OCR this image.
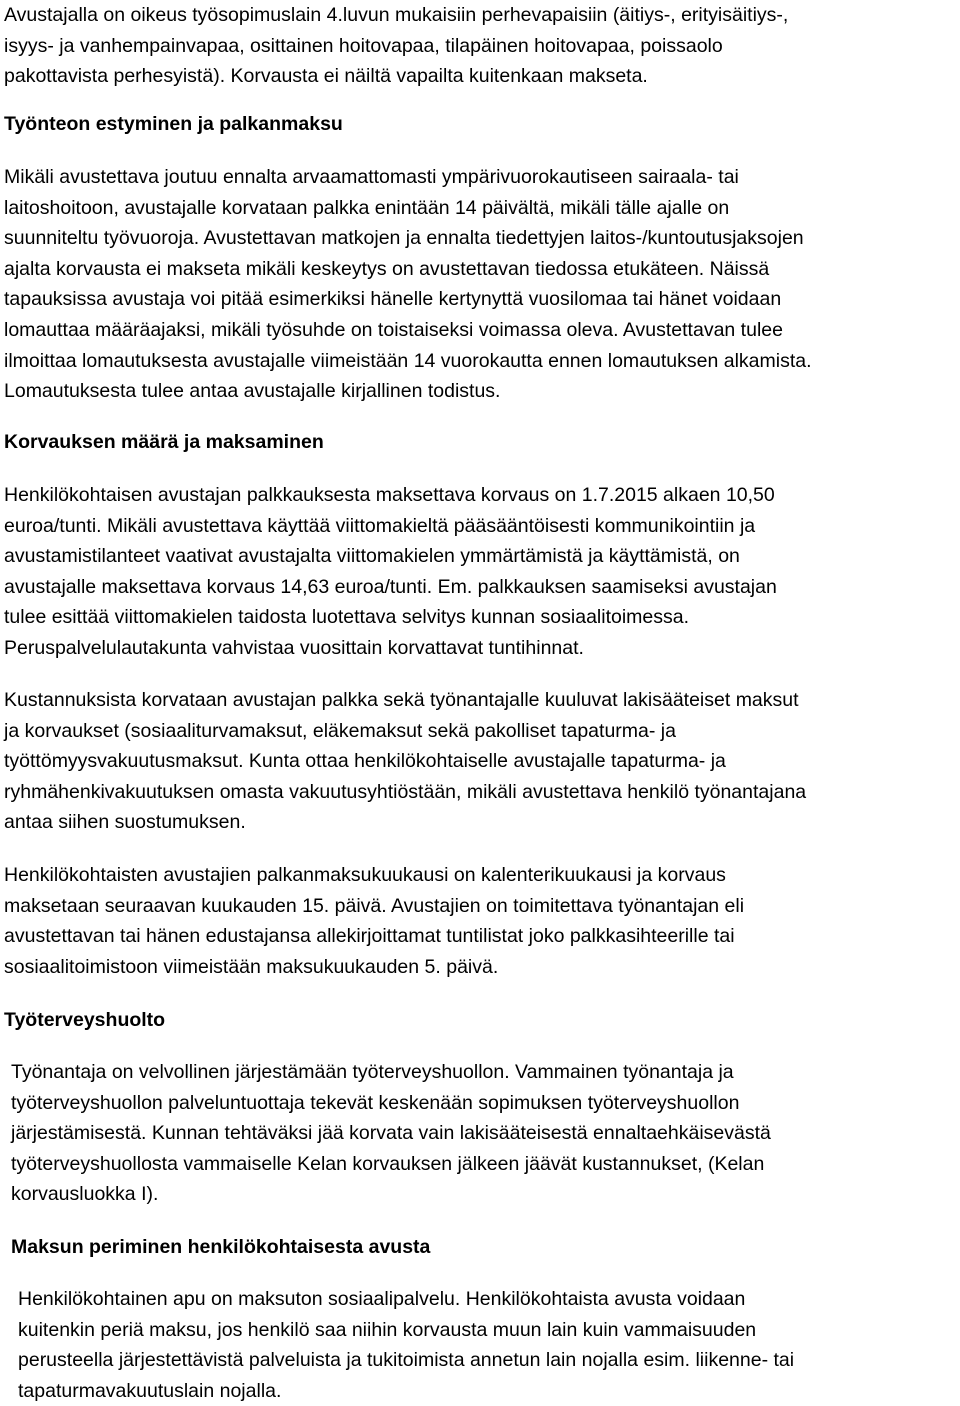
Avustajalla on oikeus työsopimuslain 4.luvun mukaisiin perhevapaisiin (äitiys-, erityisäitiys-,
isyys- ja vanhempainvapaa, osittainen hoitovapaa, tilapäinen hoitovapaa, poissaolo
pakottavista perhesyistä). Korvausta ei näiltä vapailta kuitenkaan makseta.

Työnteon estyminen ja palkanmaksu

Mikäli avustettava joutuu ennalta arvaamattomasti ympärivuorokautiseen sairaala- tai
laitoshoitoon, avustajalle korvataan palkka enintään 14 päivältä, mikäli tälle ajalle on
suunniteltu työvuoroja. Avustettavan matkojen ja ennalta tiedettyjen laitos-/kuntoutusjaksojen
ajalta korvausta ei makseta mikäli keskeytys on avustettavan tiedossa etukäteen. Näissä
tapauksissa avustaja voi pitää esimerkiksi hänelle kertynyttä vuosilomaa tai hänet voidaan
lomauttaa määräajaksi, mikäli työsuhde on toistaiseksi voimassa oleva. Avustettavan tulee
ilmoittaa lomautuksesta avustajalle viimeistään 14 vuorokautta ennen lomautuksen alkamista.
Lomautuksesta tulee antaa avustajalle kirjallinen todistus.

Korvauksen määrä ja maksaminen

Henkilökohtaisen avustajan palkkauksesta maksettava korvaus on 1.7.2015 alkaen 10,50
euroa/tunti. Mikäli avustettava käyttää viittomakieltä pääsääntöisesti kommunikointiin ja
avustamistilanteet vaativat avustajalta viittomakielen ymmärtämistä ja käyttämistä, on
avustajalle maksettava korvaus 14,63 euroa/tunti. Em. palkkauksen saamiseksi avustajan
tulee esittää viittomakielen taidosta luotettava selvitys kunnan sosiaalitoimessa.
Peruspalvelulautakunta vahvistaa vuosittain korvattavat tuntihinnat.

Kustannuksista korvataan avustajan palkka sekä työnantajalle kuuluvat lakisääteiset maksut
ja korvaukset (sosiaaliturvamaksut, eläkemaksut sekä pakolliset tapaturma- ja
työttömyysvakuutusmaksut. Kunta ottaa henkilökohtaiselle avustajalle tapaturma- ja
ryhmähenkivakuutuksen omasta vakuutusyhtiöstään, mikäli avustettava henkilö työnantajana
antaa siihen suostumuksen.

Henkilökohtaisten avustajien palkanmaksukuukausi on kalenterikuukausi ja korvaus
maksetaan seuraavan kuukauden 15. päivä. Avustajien on toimitettava työnantajan eli
avustettavan tai hänen edustajansa allekirjoittamat tuntilistat joko palkkasihteerille tai
sosiaalitoimistoon viimeistään maksukuukauden 5. päivä.

Työterveyshuolto

Työnantaja on velvollinen järjestämään työterveyshuollon. Vammainen työnantaja ja
työterveyshuollon palveluntuottaja tekevät keskenään sopimuksen työterveyshuollon
järjestämisestä. Kunnan tehtäväksi jää korvata vain lakisääteisestä ennaltaehkäisevästä
työterveyshuollosta vammaiselle Kelan korvauksen jälkeen jäävät kustannukset, (Kelan
korvausluokka I).

Maksun periminen henkilökohtaisesta avusta

Henkilökohtainen apu on maksuton sosiaalipalvelu. Henkilökohtaista avusta voidaan
kuitenkin periä maksu, jos henkilö saa niihin korvausta muun lain kuin vammaisuuden
perusteella järjestettävistä palveluista ja tukitoimista annetun lain nojalla esim. liikenne- tai
tapaturmavakuutuslain nojalla.
